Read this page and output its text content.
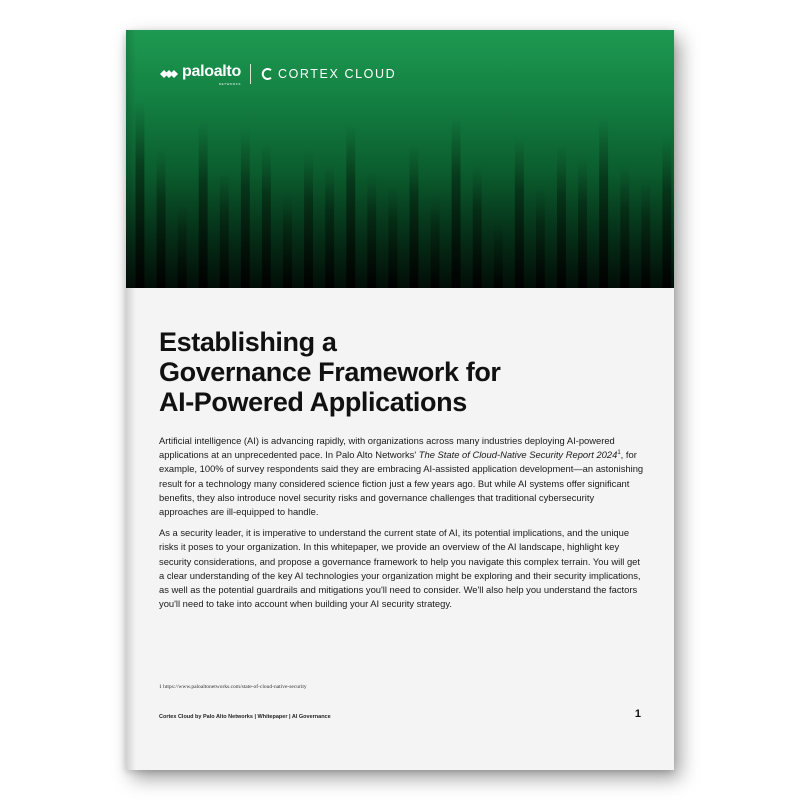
paloalto
NETWORKS
CORTEX CLOUD
Establishing a
Governance Framework for
AI-Powered Applications

Artificial intelligence (AI) is advancing rapidly, with organizations across many industries deploying AI-powered applications at an unprecedented pace. In Palo Alto Networks' The State of Cloud-Native Security Report 2024$^1$, for example, 100% of survey respondents said they are embracing AI-assisted application development—an astonishing result for a technology many considered science fiction just a few years ago. But while AI systems offer significant benefits, they also introduce novel security risks and governance challenges that traditional cybersecurity approaches are ill-equipped to handle.

As a security leader, it is imperative to understand the current state of AI, its potential implications, and the unique risks it poses to your organization. In this whitepaper, we provide an overview of the AI landscape, highlight key security considerations, and propose a governance framework to help you navigate this complex terrain. You will get a clear understanding of the key AI technologies your organization might be exploring and their security implications, as well as the potential guardrails and mitigations you'll need to consider. We'll also help you understand the factors you'll need to take into account when building your AI security strategy.

1 https://www.paloaltonetworks.com/state-of-cloud-native-security
Cortex Cloud by Palo Alto Networks | Whitepaper | AI Governance	1
